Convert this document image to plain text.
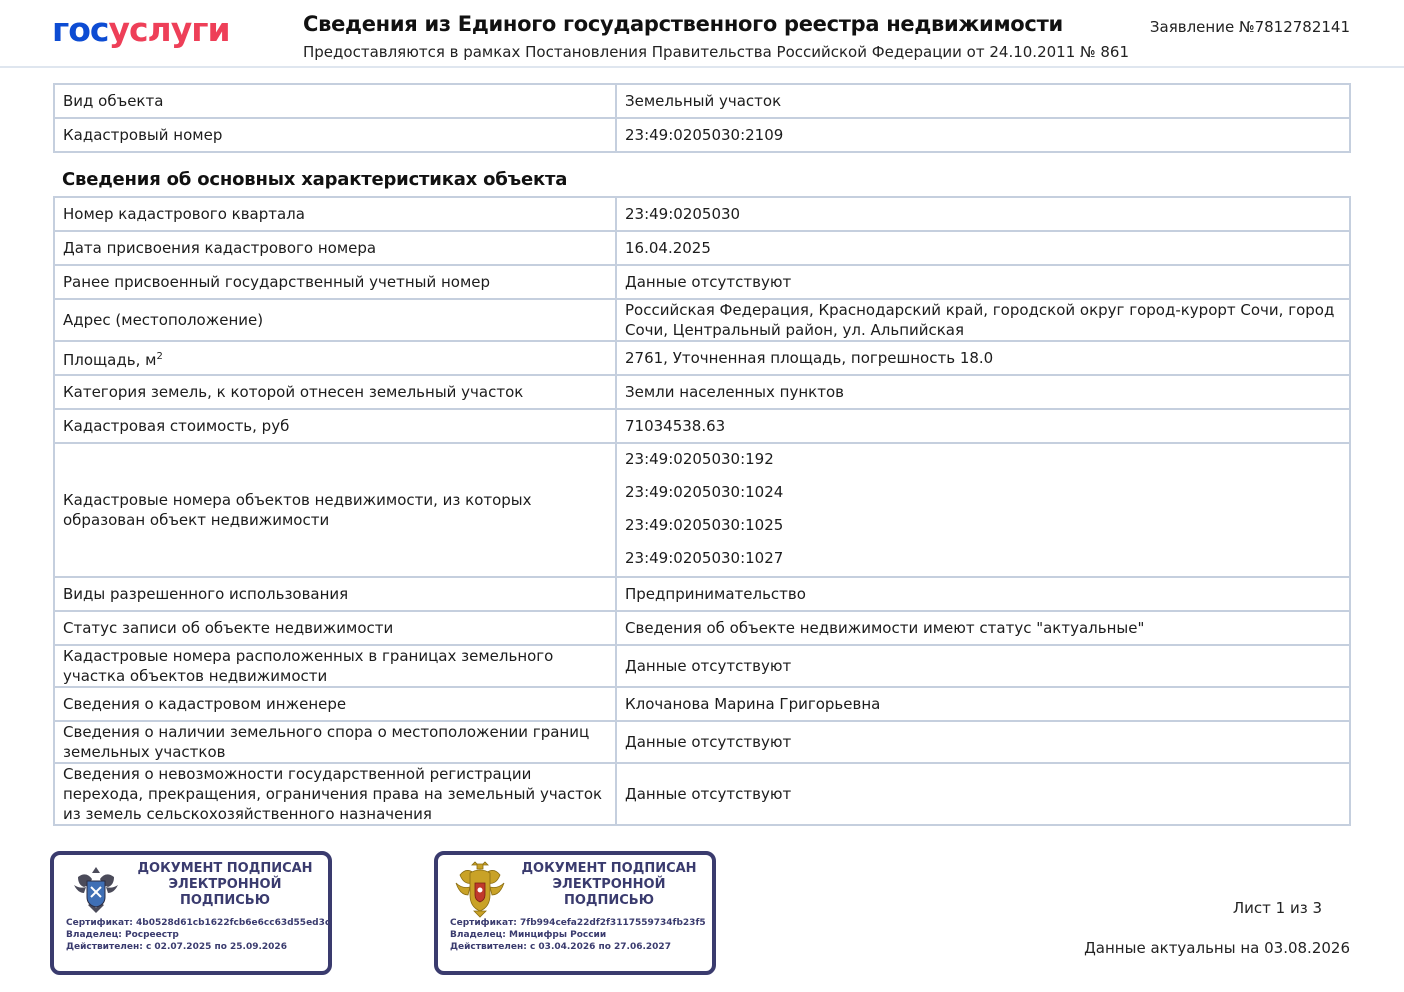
госуслуги	Сведения из Единого государственного реестра недвижимости
Предоставляются в рамках Постановления Правительства Российской Федерации от 24.10.2011 № 861
Заявление №7812782141
Вид объекта	Земельный участок
Кадастровый номер	23:49:0205030:2109
Сведения об основных характеристиках объекта
Номер кадастрового квартала	23:49:0205030
Дата присвоения кадастрового номера	16.04.2025
Ранее присвоенный государственный учетный номер	Данные отсутствуют
Адрес (местоположение)	Российская Федерация, Краснодарский край, городской округ город-курорт Сочи, город Сочи, Центральный район, ул. Альпийская
Площадь, $м^2$	2761, Уточненная площадь, погрешность 18.0
Категория земель, к которой отнесен земельный участок	Земли населенных пунктов
Кадастровая стоимость, руб	71034538.63
Кадастровые номера объектов недвижимости, из которых образован объект недвижимости	23:49:0205030:192
23:49:0205030:1024
23:49:0205030:1025
23:49:0205030:1027

Виды разрешенного использования	Предпринимательство
Статус записи об объекте недвижимости	Сведения об объекте недвижимости имеют статус "актуальные"
Кадастровые номера расположенных в границах земельного участка объектов недвижимости	Данные отсутствуют
Сведения о кадастровом инженере	Клочанова Марина Григорьевна
Сведения о наличии земельного спора о местоположении границ земельных участков	Данные отсутствуют
Сведения о невозможности государственной регистрации перехода, прекращения, ограничения права на земельный участок из земель сельскохозяйственного назначения	Данные отсутствуют
ДОКУМЕНТ ПОДПИСАН ЭЛЕКТРОННОЙ ПОДПИСЬЮ
Сертификат: 4b0528d61cb1622fcb6e6cc63d55ed3c
Владелец: Росреестр
Действителен: с 02.07.2025 по 25.09.2026
ДОКУМЕНТ ПОДПИСАН ЭЛЕКТРОННОЙ ПОДПИСЬЮ
Сертификат: 7fb994cefa22df2f3117559734fb23f5
Владелец: Минцифры России
Действителен: с 03.04.2026 по 27.06.2027
Лист 1 из 3
Данные актуальны на 03.08.2026
